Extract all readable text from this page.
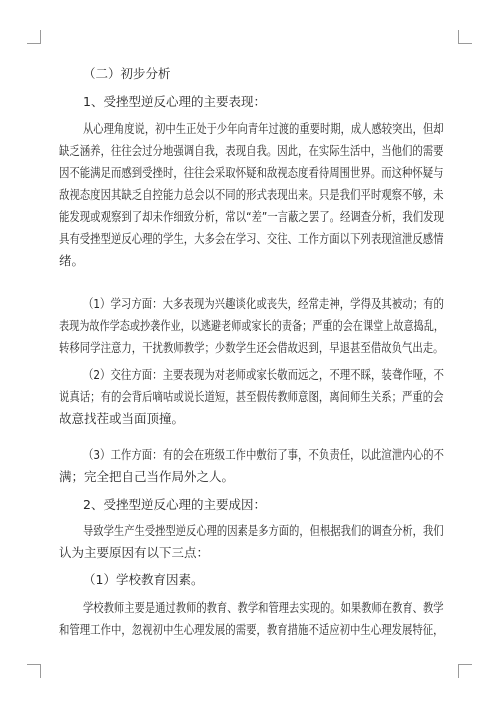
（二）初步分析
1、受挫型逆反心理的主要表现：
从心理角度说，初中生正处于少年向青年过渡的重要时期，成人感较突出，但却
缺乏涵养，往往会过分地强调自我，表现自我。因此，在实际生活中，当他们的需要
因不能满足而感到受挫时，往往会采取怀疑和敌视态度看待周围世界。而这种怀疑与
敌视态度因其缺乏自控能力总会以不同的形式表现出来。只是我们平时观察不够，未
能发现或观察到了却未作细致分析，常以“差”一言蔽之罢了。经调查分析，我们发现
具有受挫型逆反心理的学生，大多会在学习、交往、工作方面以下列表现渲泄反感情
绪。
（1）学习方面：大多表现为兴趣谈化或丧失，经常走神，学得及其被动；有的
表现为故作学态或抄袭作业，以逃避老师或家长的责备；严重的会在课堂上故意捣乱，
转移同学注意力，干扰教师教学；少数学生还会借故迟到，早退甚至借故负气出走。
（2）交往方面：主要表现为对老师或家长敬而远之，不理不睬，装聋作哑，不
说真话；有的会背后嘀咕或说长道短，甚至假传教师意图，离间师生关系；严重的会
故意找茬或当面顶撞。
（3）工作方面：有的会在班级工作中敷衍了事，不负责任，以此渲泄内心的不
满；完全把自己当作局外之人。
2、受挫型逆反心理的主要成因：
导致学生产生受挫型逆反心理的因素是多方面的，但根据我们的调查分析，我们
认为主要原因有以下三点：
（1）学校教育因素。
学校教师主要是通过教师的教育、教学和管理去实现的。如果教师在教育、教学
和管理工作中，忽视初中生心理发展的需要，教育措施不适应初中生心理发展特征，
